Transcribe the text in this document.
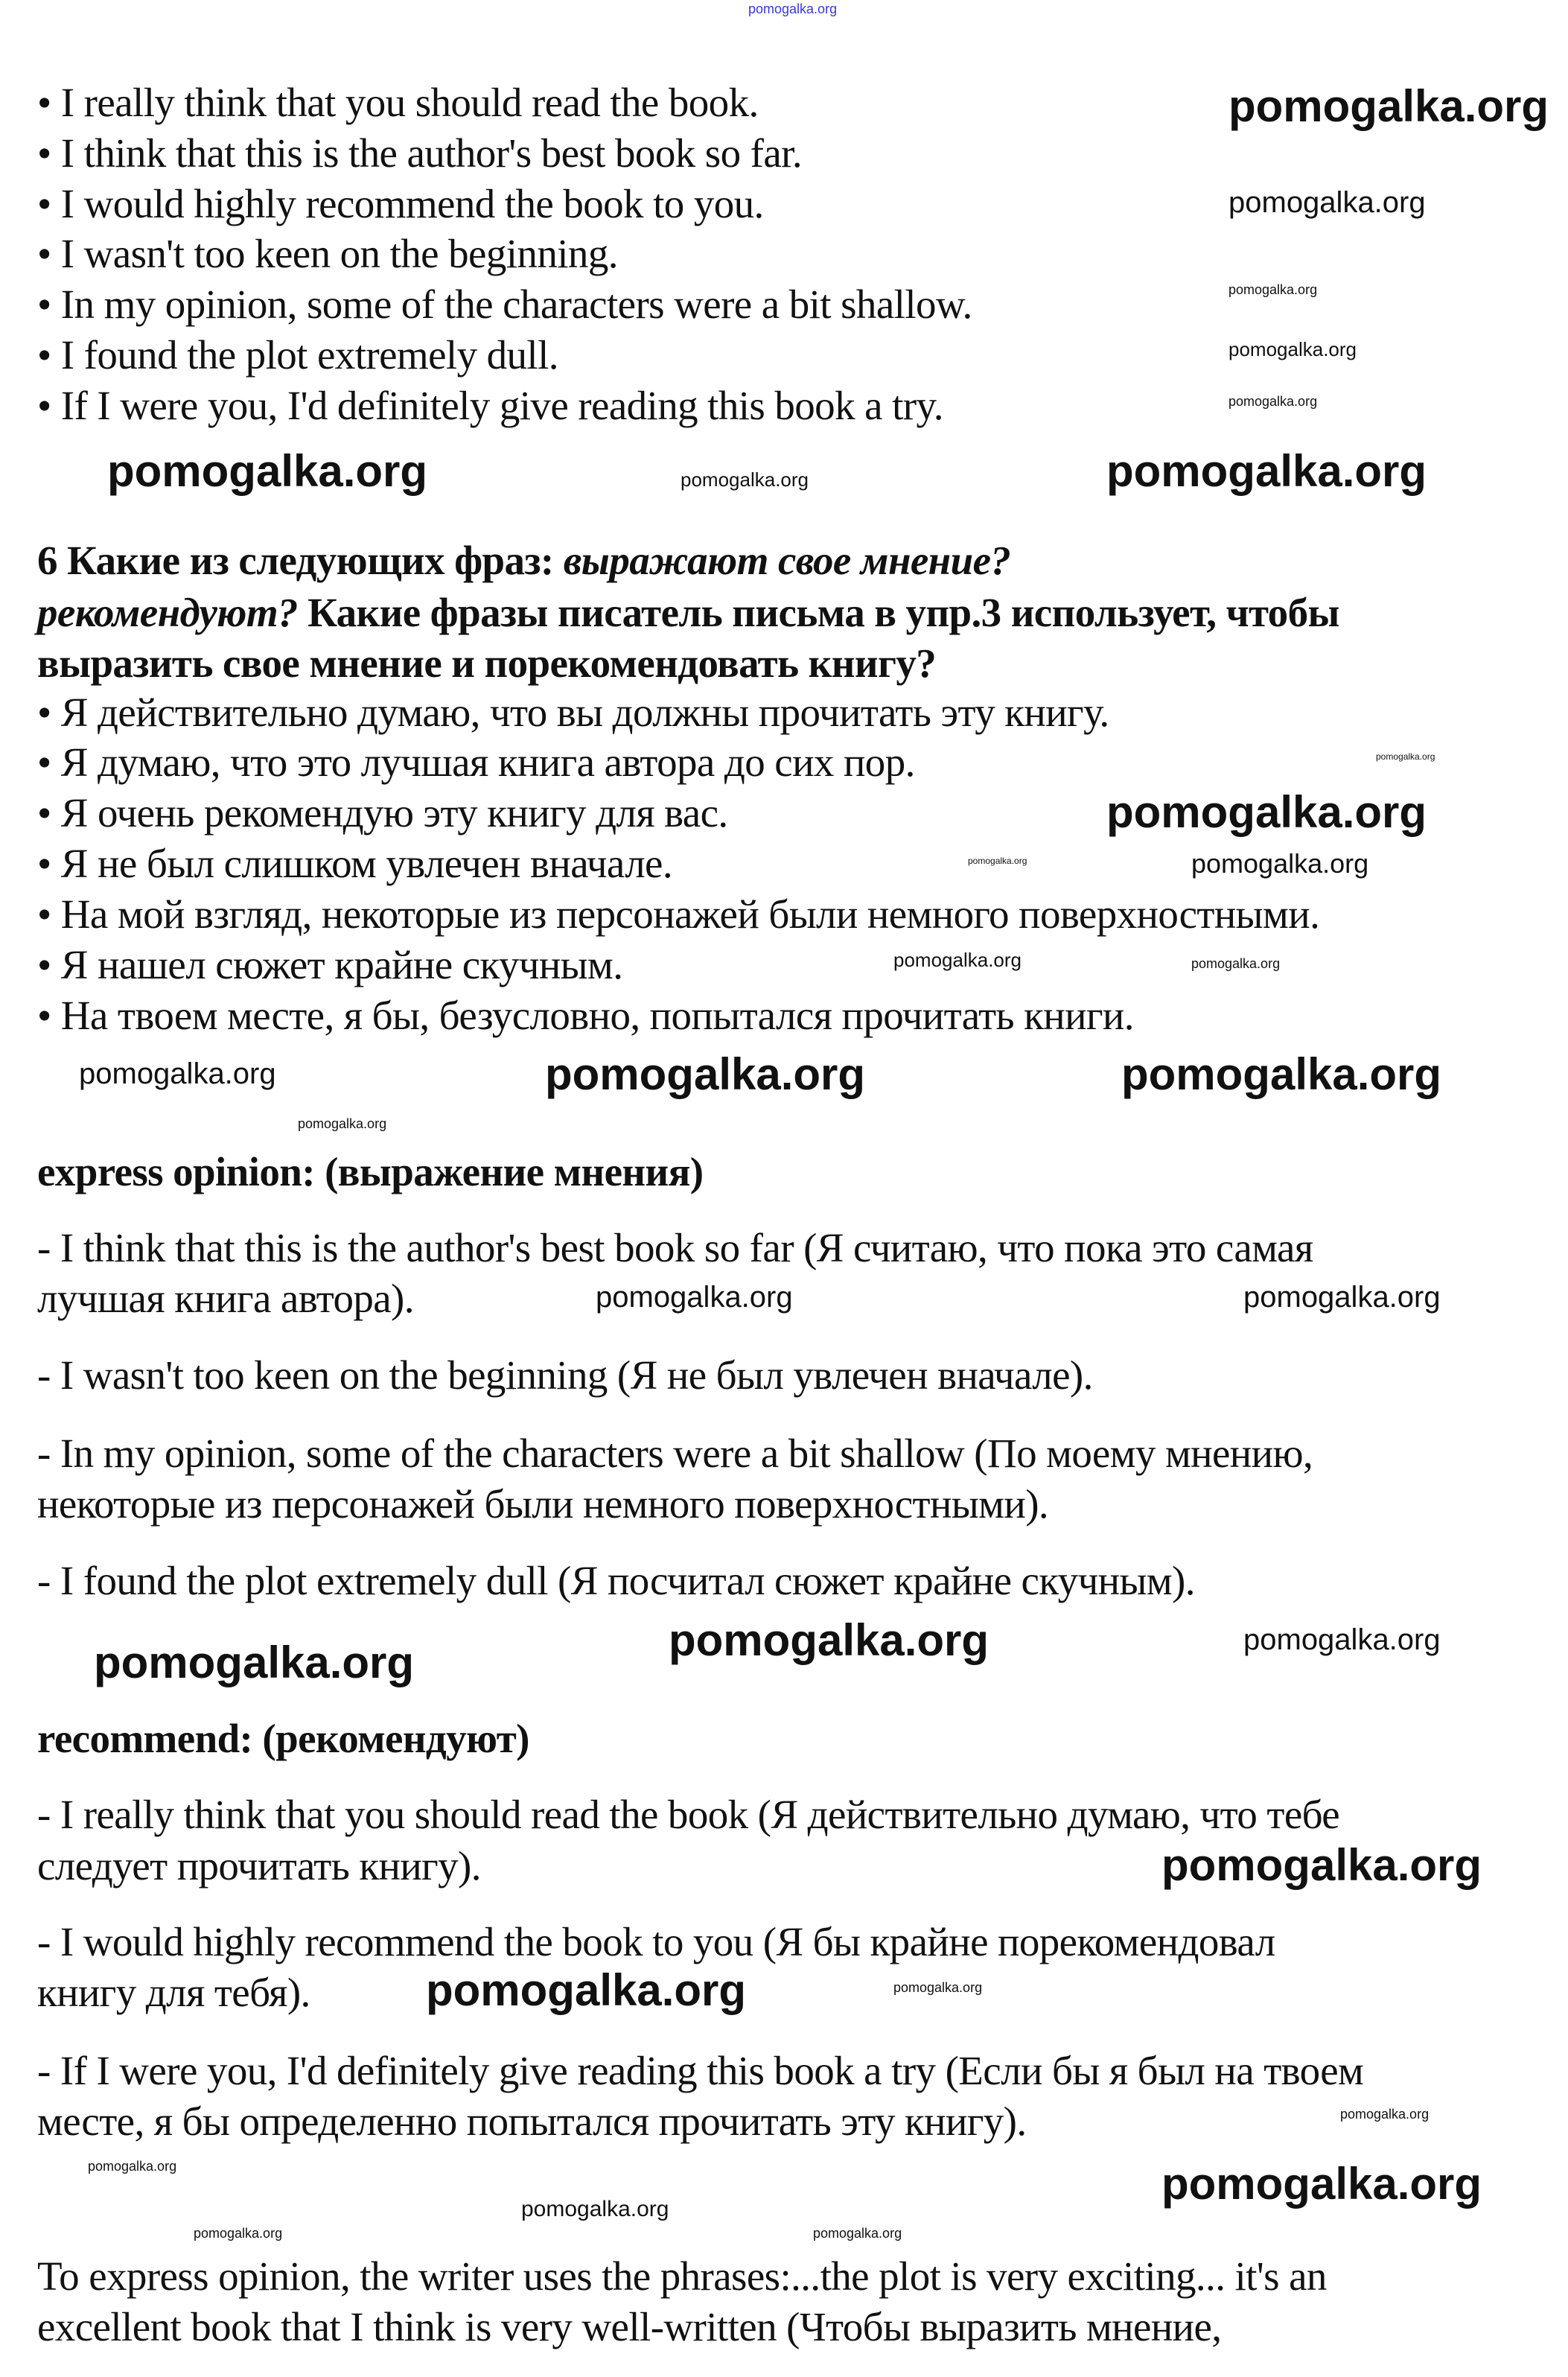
pomogalka.org
• I really think that you should read the book.
• I think that this is the author's best book so far.
• I would highly recommend the book to you.
• I wasn't too keen on the beginning.
• In my opinion, some of the characters were a bit shallow.
• I found the plot extremely dull.
• If I were you, I'd definitely give reading this book a try.
6 Какие из следующих фраз: выражают свое мнение?
рекомендуют? Какие фразы писатель письма в упр.3 использует, чтобы
выразить свое мнение и порекомендовать книгу?
• Я действительно думаю, что вы должны прочитать эту книгу.
• Я думаю, что это лучшая книга автора до сих пор.
• Я очень рекомендую эту книгу для вас.
• Я не был слишком увлечен вначале.
• На мой взгляд, некоторые из персонажей были немного поверхностными.
• Я нашел сюжет крайне скучным.
• На твоем месте, я бы, безусловно, попытался прочитать книги.
express opinion: (выражение мнения)
- I think that this is the author's best book so far (Я считаю, что пока это самая
лучшая книга автора).
- I wasn't too keen on the beginning (Я не был увлечен вначале).
- In my opinion, some of the characters were a bit shallow (По моему мнению,
некоторые из персонажей были немного поверхностными).
- I found the plot extremely dull (Я посчитал сюжет крайне скучным).
recommend: (рекомендуют)
- I really think that you should read the book (Я действительно думаю, что тебе
следует прочитать книгу).
- I would highly recommend the book to you (Я бы крайне порекомендовал
книгу для тебя).
- If I were you, I'd definitely give reading this book a try (Если бы я был на твоем
месте, я бы определенно попытался прочитать эту книгу).
To express opinion, the writer uses the phrases:...the plot is very exciting... it's an
excellent book that I think is very well-written (Чтобы выразить мнение,
pomogalka.org
pomogalka.org
pomogalka.org
pomogalka.org
pomogalka.org
pomogalka.org	pomogalka.org	pomogalka.org
pomogalka.org
pomogalka.org
pomogalka.org
pomogalka.org
pomogalka.org
pomogalka.org	pomogalka.org
pomogalka.org	pomogalka.org
pomogalka.org
pomogalka.org	pomogalka.org
pomogalka.org	pomogalka.org
pomogalka.org
pomogalka.org
pomogalka.org
pomogalka.org
pomogalka.org
pomogalka.org	pomogalka.org
pomogalka.org	pomogalka.org
pomogalka.org
